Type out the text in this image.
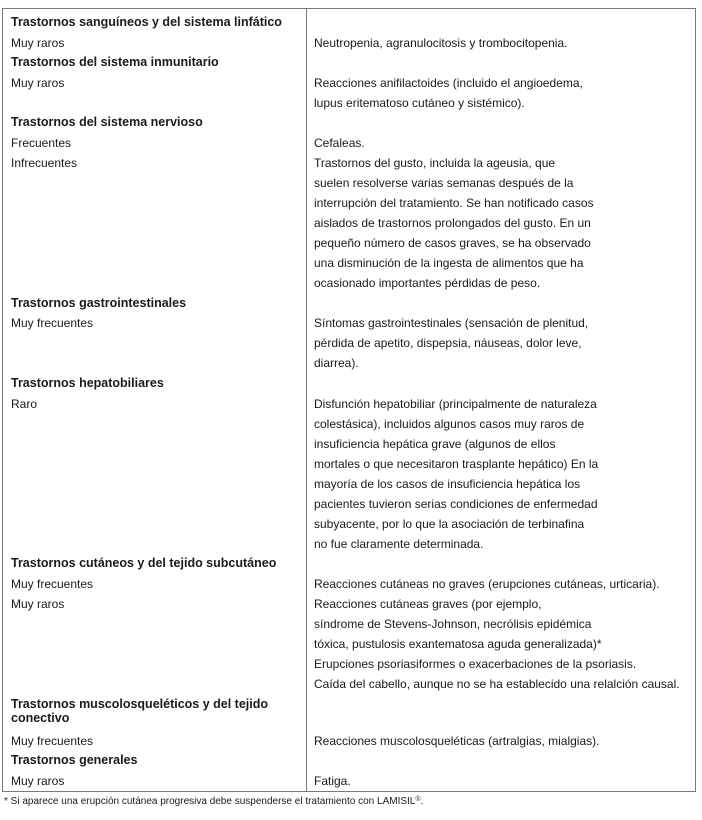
Trastornos sanguíneos y del sistema linfático
Muy raros	Neutropenia, agranulocitosis y trombocitopenia.
Trastornos del sistema inmunitario
Muy raros	Reacciones anifilactoides (incluido el angioedema,
lupus eritematoso cutáneo y sistémico).
Trastornos del sistema nervioso
Frecuentes	Cefaleas.
Infrecuentes	Trastornos del gusto, incluida la ageusia, que
suelen resolverse varias semanas después de la
interrupción del tratamiento. Se han notificado casos
aislados de trastornos prolongados del gusto. En un
pequeño número de casos graves, se ha observado
una disminución de la ingesta de alimentos que ha
ocasionado importantes pérdidas de peso.
Trastornos gastrointestinales
Muy frecuentes	Síntomas gastrointestinales (sensación de plenitud,
pérdida de apetito, dispepsia, náuseas, dolor leve,
diarrea).
Trastornos hepatobiliares
Raro	Disfunción hepatobiliar (principalmente de naturaleza
colestásica), incluidos algunos casos muy raros de
insuficiencia hepática grave (algunos de ellos
mortales o que necesitaron trasplante hepático) En la
mayoría de los casos de insuficiencia hepática los
pacientes tuvieron serias condiciones de enfermedad
subyacente, por lo que la asociación de terbinafina
no fue claramente determinada.
Trastornos cutáneos y del tejido subcutáneo
Muy frecuentes	Reacciones cutáneas no graves (erupciones cutáneas, urticaria).
Muy raros	Reacciones cutáneas graves (por ejemplo,
síndrome de Stevens-Johnson, necrólisis epidémica
tóxica, pustulosis exantematosa aguda generalizada)*
Erupciones psoriasiformes o exacerbaciones de la psoriasis.
Caída del cabello, aunque no se ha establecido una relalción causal.
Trastornos muscolosqueléticos y del tejido conectivo
Muy frecuentes	Reacciones muscolosqueléticas (artralgias, mialgias).
Trastornos generales
Muy raros	Fatiga.
* Si aparece una erupción cutánea progresiva debe suspenderse el tratamiento con LAMISIL®.
